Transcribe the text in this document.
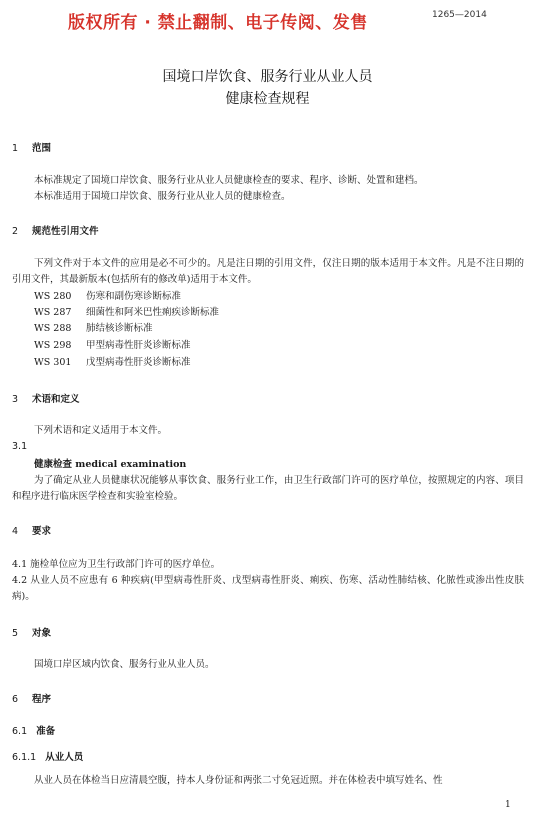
版权所有 · 禁止翻制、电子传阅、发售	1265—2014
国境口岸饮食、服务行业从业人员
健康检查规程
1 范围
本标准规定了国境口岸饮食、服务行业从业人员健康检查的要求、程序、诊断、处置和建档。
本标准适用于国境口岸饮食、服务行业从业人员的健康检查。
2 规范性引用文件
下列文件对于本文件的应用是必不可少的。凡是注日期的引用文件，仅注日期的版本适用于本文件。凡是不注日期的引用文件，其最新版本(包括所有的修改单)适用于本文件。
WS 280 伤寒和副伤寒诊断标准
WS 287 细菌性和阿米巴性痢疾诊断标准
WS 288 肺结核诊断标准
WS 298 甲型病毒性肝炎诊断标准
WS 301 戊型病毒性肝炎诊断标准
3 术语和定义
下列术语和定义适用于本文件。
3.1
健康检查 medical examination
为了确定从业人员健康状况能够从事饮食、服务行业工作，由卫生行政部门许可的医疗单位，按照规定的内容、项目和程序进行临床医学检查和实验室检验。
4 要求
4.1 施检单位应为卫生行政部门许可的医疗单位。
4.2 从业人员不应患有 6 种疾病(甲型病毒性肝炎、戊型病毒性肝炎、痢疾、伤寒、活动性肺结核、化脓性或渗出性皮肤病)。
5 对象
国境口岸区域内饮食、服务行业从业人员。
6 程序
6.1 准备
6.1.1 从业人员
从业人员在体检当日应清晨空腹，持本人身份证和两张二寸免冠近照。并在体检表中填写姓名、性
1
